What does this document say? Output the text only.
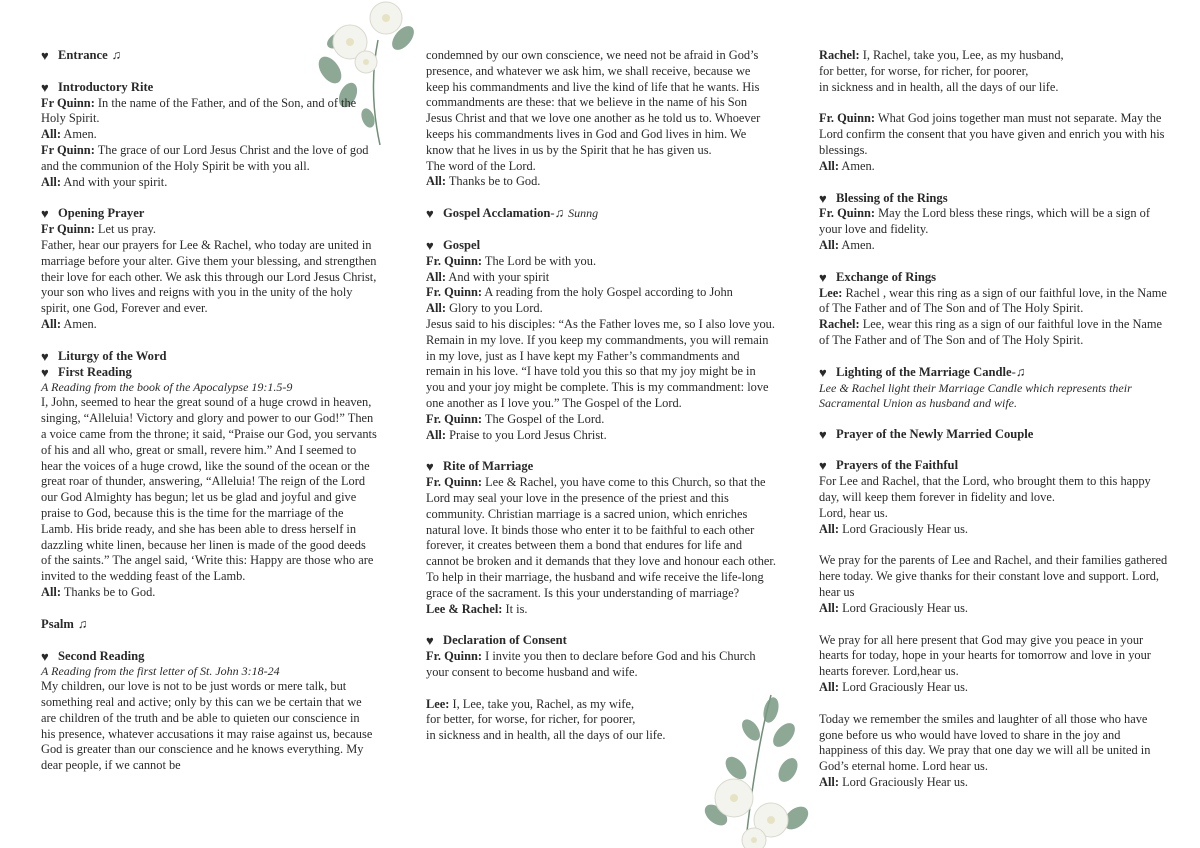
♥ Entrance ♫
♥ Introductory Rite

Fr Quinn: In the name of the Father, and of the Son, and of the Holy Spirit.

All: Amen.

Fr Quinn: The grace of our Lord Jesus Christ and the love of god and the communion of the Holy Spirit be with you all.

All: And with your spirit.

♥ Opening Prayer

Fr Quinn: Let us pray.

Father, hear our prayers for Lee & Rachel, who today are united in marriage before your alter. Give them your blessing, and strengthen their love for each other. We ask this through our Lord Jesus Christ, your son who lives and reigns with you in the unity of the holy spirit, one God, Forever and ever.

All: Amen.

♥ Liturgy of the Word
♥ First Reading

A Reading from the book of the Apocalypse 19:1.5-9

I, John, seemed to hear the great sound of a huge crowd in heaven, singing, “Alleluia! Victory and glory and power to our God!” Then a voice came from the throne; it said, “Praise our God, you servants of his and all who, great or small, revere him.” And I seemed to hear the voices of a huge crowd, like the sound of the ocean or the great roar of thunder, answering, “Alleluia! The reign of the Lord our God Almighty has begun; let us be glad and joyful and give praise to God, because this is the time for the marriage of the Lamb. His bride ready, and she has been able to dress herself in dazzling white linen, because her linen is made of the good deeds of the saints.” The angel said, ‘Write this: Happy are those who are invited to the wedding feast of the Lamb.

All: Thanks be to God.

Psalm ♫
♥ Second Reading

A Reading from the first letter of St. John 3:18-24

My children, our love is not to be just words or mere talk, but something real and active; only by this can we be certain that we are children of the truth and be able to quieten our conscience in his presence, whatever accusations it may raise against us, because God is greater than our conscience and he knows everything. My dear people, if we cannot be

condemned by our own conscience, we need not be afraid in God’s presence, and whatever we ask him, we shall receive, because we keep his commandments and live the kind of life that he wants. His commandments are these: that we believe in the name of his Son Jesus Christ and that we love one another as he told us to. Whoever keeps his commandments lives in God and God lives in him. We know that he lives in us by the Spirit that he has given us.

The word of the Lord.

All: Thanks be to God.

♥ Gospel Acclamation - ♫ Sunng
♥ Gospel

Fr. Quinn: The Lord be with you.

All: And with your spirit

Fr. Quinn: A reading from the holy Gospel according to John

All: Glory to you Lord.

Jesus said to his disciples: “As the Father loves me, so I also love you. Remain in my love. If you keep my commandments, you will remain in my love, just as I have kept my Father’s commandments and remain in his love. “I have told you this so that my joy might be in you and your joy might be complete. This is my commandment: love one another as I love you.” The Gospel of the Lord.

Fr. Quinn: The Gospel of the Lord.

All: Praise to you Lord Jesus Christ.

♥ Rite of Marriage

Fr. Quinn: Lee & Rachel, you have come to this Church, so that the Lord may seal your love in the presence of the priest and this community. Christian marriage is a sacred union, which enriches natural love. It binds those who enter it to be faithful to each other forever, it creates between them a bond that endures for life and cannot be broken and it demands that they love and honour each other. To help in their marriage, the husband and wife receive the life-long grace of the sacrament. Is this your understanding of marriage?

Lee & Rachel: It is.

♥ Declaration of Consent

Fr. Quinn: I invite you then to declare before God and his Church your consent to become husband and wife.

Lee: I, Lee, take you, Rachel, as my wife,

for better, for worse, for richer, for poorer,

in sickness and in health, all the days of our life.

Rachel: I, Rachel, take you, Lee, as my husband,

for better, for worse, for richer, for poorer,

in sickness and in health, all the days of our life.

Fr. Quinn: What God joins together man must not separate. May the Lord confirm the consent that you have given and enrich you with his blessings.

All: Amen.

♥ Blessing of the Rings

Fr. Quinn: May the Lord bless these rings, which will be a sign of your love and fidelity.

All: Amen.

♥ Exchange of Rings

Lee: Rachel , wear this ring as a sign of our faithful love, in the Name of The Father and of The Son and of The Holy Spirit.

Rachel: Lee, wear this ring as a sign of our faithful love in the Name of The Father and of The Son and of The Holy Spirit.

♥ Lighting of the Marriage Candle - ♫

Lee & Rachel light their Marriage Candle which represents their Sacramental Union as husband and wife.

♥ Prayer of the Newly Married Couple
♥ Prayers of the Faithful

For Lee and Rachel, that the Lord, who brought them to this happy day, will keep them forever in fidelity and love.

Lord, hear us.

All: Lord Graciously Hear us.

We pray for the parents of Lee and Rachel, and their families gathered here today. We give thanks for their constant love and support. Lord, hear us

All: Lord Graciously Hear us.

We pray for all here present that God may give you peace in your hearts for today, hope in your hearts for tomorrow and love in your hearts forever. Lord,hear us.

All: Lord Graciously Hear us.

Today we remember the smiles and laughter of all those who have gone before us who would have loved to share in the joy and happiness of this day. We pray that one day we will all be united in God’s eternal home. Lord hear us.

All: Lord Graciously Hear us.
